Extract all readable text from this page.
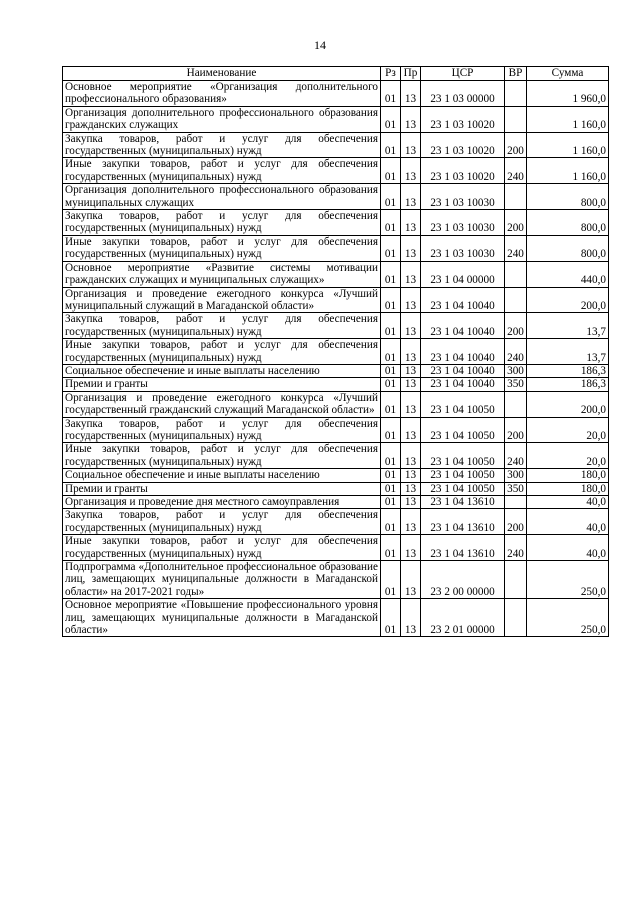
14
Наименование	Рз	Пр	ЦСР	ВР	Сумма
Основное мероприятие «Организация дополнительного профессионального образования»	01	13	23 1 03 00000		1 960,0
Организация дополнительного профессионального образования гражданских служащих	01	13	23 1 03 10020		1 160,0
Закупка товаров, работ и услуг для обеспечения государственных (муниципальных) нужд	01	13	23 1 03 10020	200	1 160,0
Иные закупки товаров, работ и услуг для обеспечения государственных (муниципальных) нужд	01	13	23 1 03 10020	240	1 160,0
Организация дополнительного профессионального образования муниципальных служащих	01	13	23 1 03 10030		800,0
Закупка товаров, работ и услуг для обеспечения государственных (муниципальных) нужд	01	13	23 1 03 10030	200	800,0
Иные закупки товаров, работ и услуг для обеспечения государственных (муниципальных) нужд	01	13	23 1 03 10030	240	800,0
Основное мероприятие «Развитие системы мотивации гражданских служащих и муниципальных служащих»	01	13	23 1 04 00000		440,0
Организация и проведение ежегодного конкурса «Лучший муниципальный служащий в Магаданской области»	01	13	23 1 04 10040		200,0
Закупка товаров, работ и услуг для обеспечения государственных (муниципальных) нужд	01	13	23 1 04 10040	200	13,7
Иные закупки товаров, работ и услуг для обеспечения государственных (муниципальных) нужд	01	13	23 1 04 10040	240	13,7
Социальное обеспечение и иные выплаты населению	01	13	23 1 04 10040	300	186,3
Премии и гранты	01	13	23 1 04 10040	350	186,3
Организация и проведение ежегодного конкурса «Лучший государственный гражданский служащий Магаданской области»	01	13	23 1 04 10050		200,0
Закупка товаров, работ и услуг для обеспечения государственных (муниципальных) нужд	01	13	23 1 04 10050	200	20,0
Иные закупки товаров, работ и услуг для обеспечения государственных (муниципальных) нужд	01	13	23 1 04 10050	240	20,0
Социальное обеспечение и иные выплаты населению	01	13	23 1 04 10050	300	180,0
Премии и гранты	01	13	23 1 04 10050	350	180,0
Организация и проведение дня местного самоуправления	01	13	23 1 04 13610		40,0
Закупка товаров, работ и услуг для обеспечения государственных (муниципальных) нужд	01	13	23 1 04 13610	200	40,0
Иные закупки товаров, работ и услуг для обеспечения государственных (муниципальных) нужд	01	13	23 1 04 13610	240	40,0
Подпрограмма «Дополнительное профессиональное образование лиц, замещающих муниципальные должности в Магаданской области» на 2017-2021 годы»	01	13	23 2 00 00000		250,0
Основное мероприятие «Повышение профессионального уровня лиц, замещающих муниципальные должности в Магаданской области»	01	13	23 2 01 00000		250,0
